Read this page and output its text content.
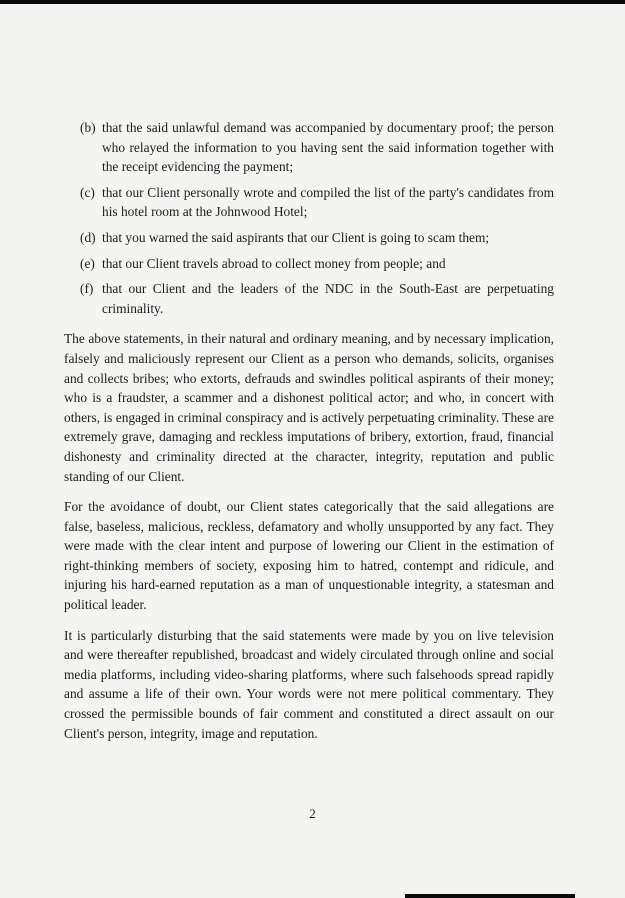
(b) that the said unlawful demand was accompanied by documentary proof; the person who relayed the information to you having sent the said information together with the receipt evidencing the payment;
(c) that our Client personally wrote and compiled the list of the party's candidates from his hotel room at the Johnwood Hotel;
(d) that you warned the said aspirants that our Client is going to scam them;
(e) that our Client travels abroad to collect money from people; and
(f) that our Client and the leaders of the NDC in the South-East are perpetuating criminality.

The above statements, in their natural and ordinary meaning, and by necessary implication, falsely and maliciously represent our Client as a person who demands, solicits, organises and collects bribes; who extorts, defrauds and swindles political aspirants of their money; who is a fraudster, a scammer and a dishonest political actor; and who, in concert with others, is engaged in criminal conspiracy and is actively perpetuating criminality. These are extremely grave, damaging and reckless imputations of bribery, extortion, fraud, financial dishonesty and criminality directed at the character, integrity, reputation and public standing of our Client.

For the avoidance of doubt, our Client states categorically that the said allegations are false, baseless, malicious, reckless, defamatory and wholly unsupported by any fact. They were made with the clear intent and purpose of lowering our Client in the estimation of right-thinking members of society, exposing him to hatred, contempt and ridicule, and injuring his hard-earned reputation as a man of unquestionable integrity, a statesman and political leader.

It is particularly disturbing that the said statements were made by you on live television and were thereafter republished, broadcast and widely circulated through online and social media platforms, including video-sharing platforms, where such falsehoods spread rapidly and assume a life of their own. Your words were not mere political commentary. They crossed the permissible bounds of fair comment and constituted a direct assault on our Client's person, integrity, image and reputation.

2
